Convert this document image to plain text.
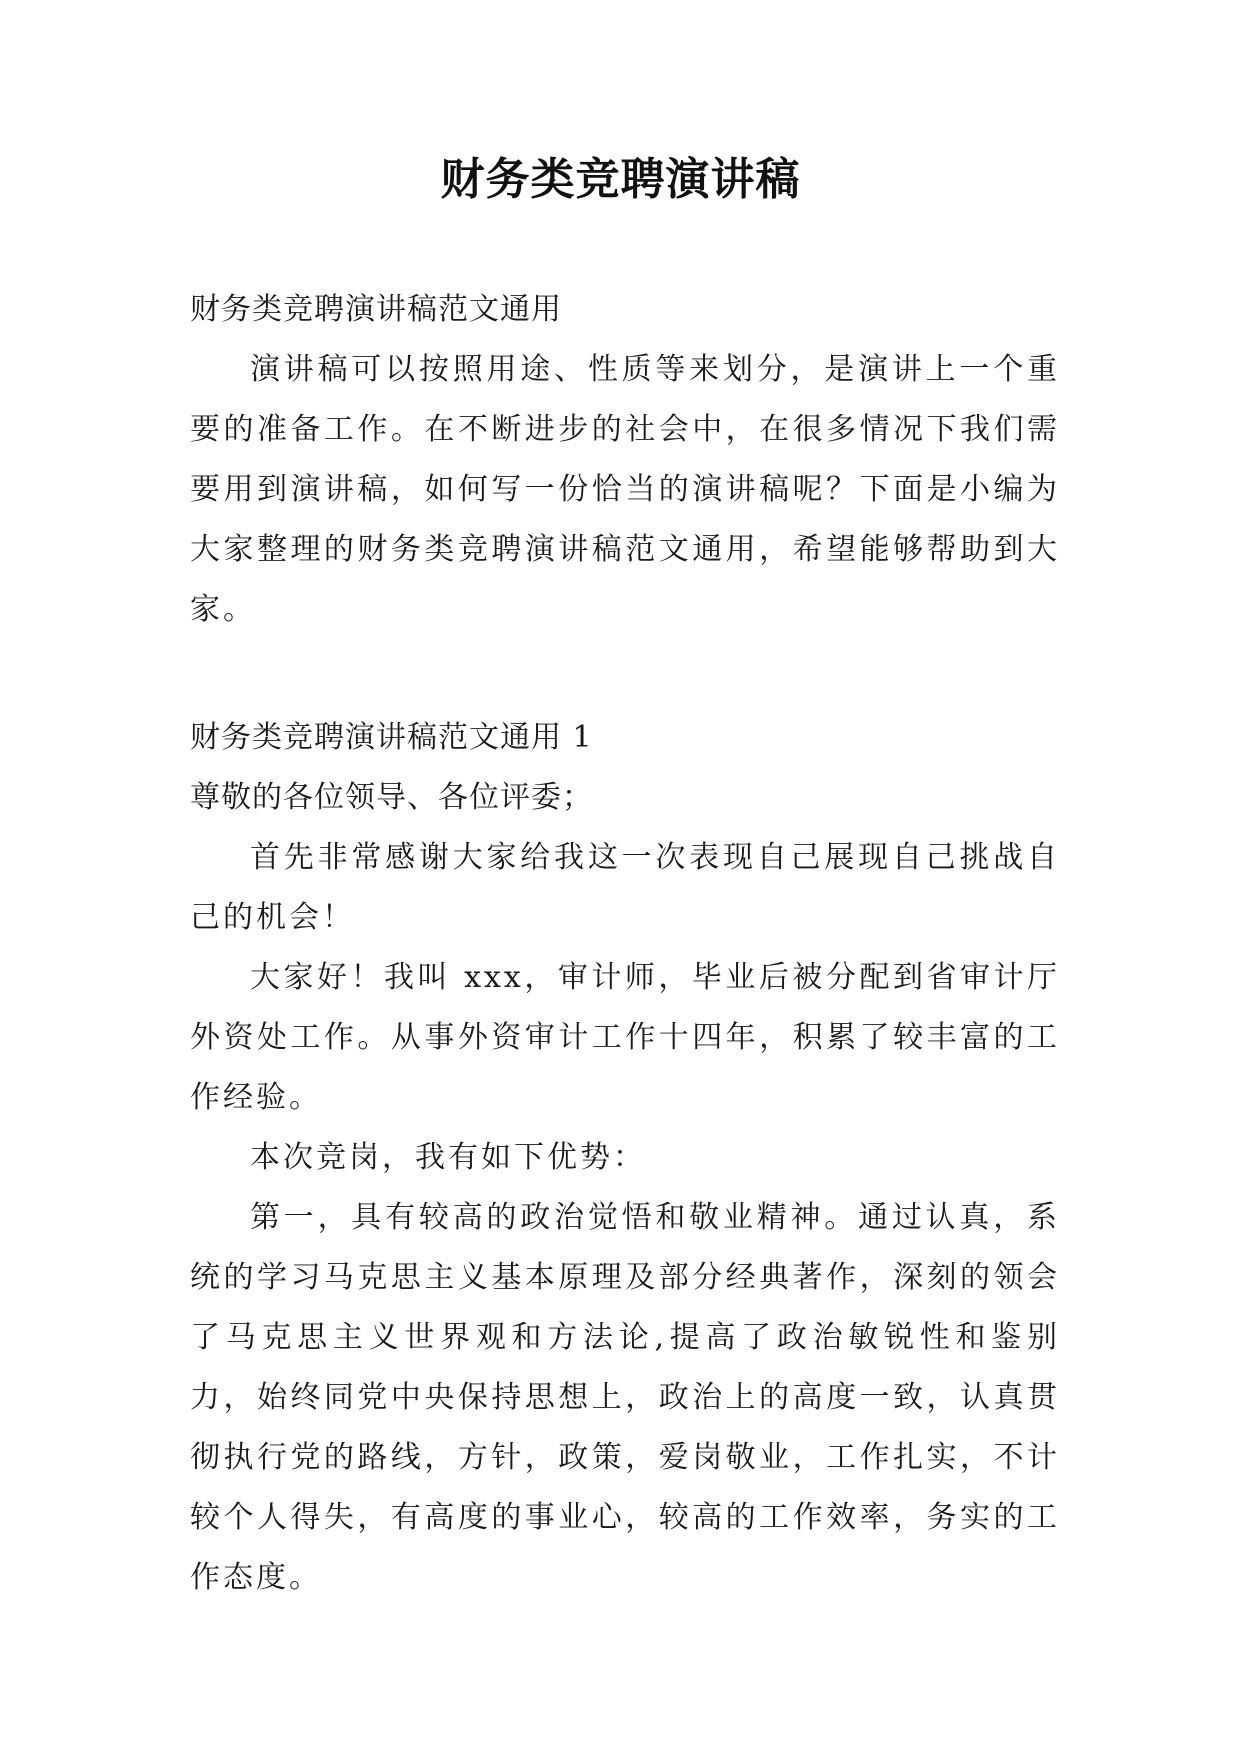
财务类竞聘演讲稿

财务类竞聘演讲稿范文通用

演讲稿可以按照用途、性质等来划分，是演讲上一个重要的准备工作。在不断进步的社会中，在很多情况下我们需要用到演讲稿，如何写一份恰当的演讲稿呢？下面是小编为大家整理的财务类竞聘演讲稿范文通用，希望能够帮助到大家。

财务类竞聘演讲稿范文通用 1

尊敬的各位领导、各位评委；

首先非常感谢大家给我这一次表现自己展现自己挑战自己的机会！

大家好！我叫 xxx，审计师，毕业后被分配到省审计厅外资处工作。从事外资审计工作十四年，积累了较丰富的工作经验。

本次竞岗，我有如下优势：

第一，具有较高的政治觉悟和敬业精神。通过认真，系统的学习马克思主义基本原理及部分经典著作，深刻的领会了马克思主义世界观和方法论,提高了政治敏锐性和鉴别力，始终同党中央保持思想上，政治上的高度一致，认真贯彻执行党的路线，方针，政策，爱岗敬业，工作扎实，不计较个人得失，有高度的事业心，较高的工作效率，务实的工作态度。
